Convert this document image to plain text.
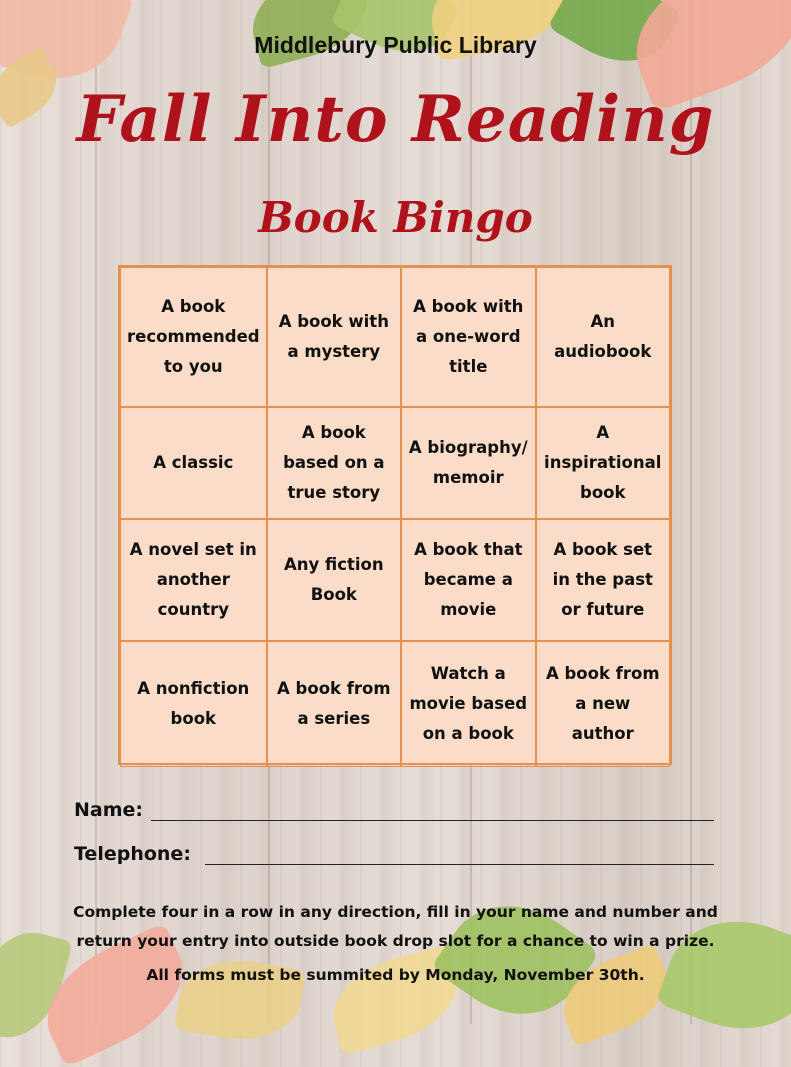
Middlebury Public Library
Fall Into Reading
Book Bingo
A book recommended to you
A book with a mystery
A book with a one-word title
An audiobook
A classic
A book based on a true story
A biography/ memoir
A inspirational book
A novel set in another country
Any fiction Book
A book that became a movie
A book set in the past or future
A nonfiction book
A book from a series
Watch a movie based on a book
A book from a new author
Name:
Telephone:
Complete four in a row in any direction, fill in your name and number and return your entry into outside book drop slot for a chance to win a prize.
All forms must be summited by Monday, November 30th.
